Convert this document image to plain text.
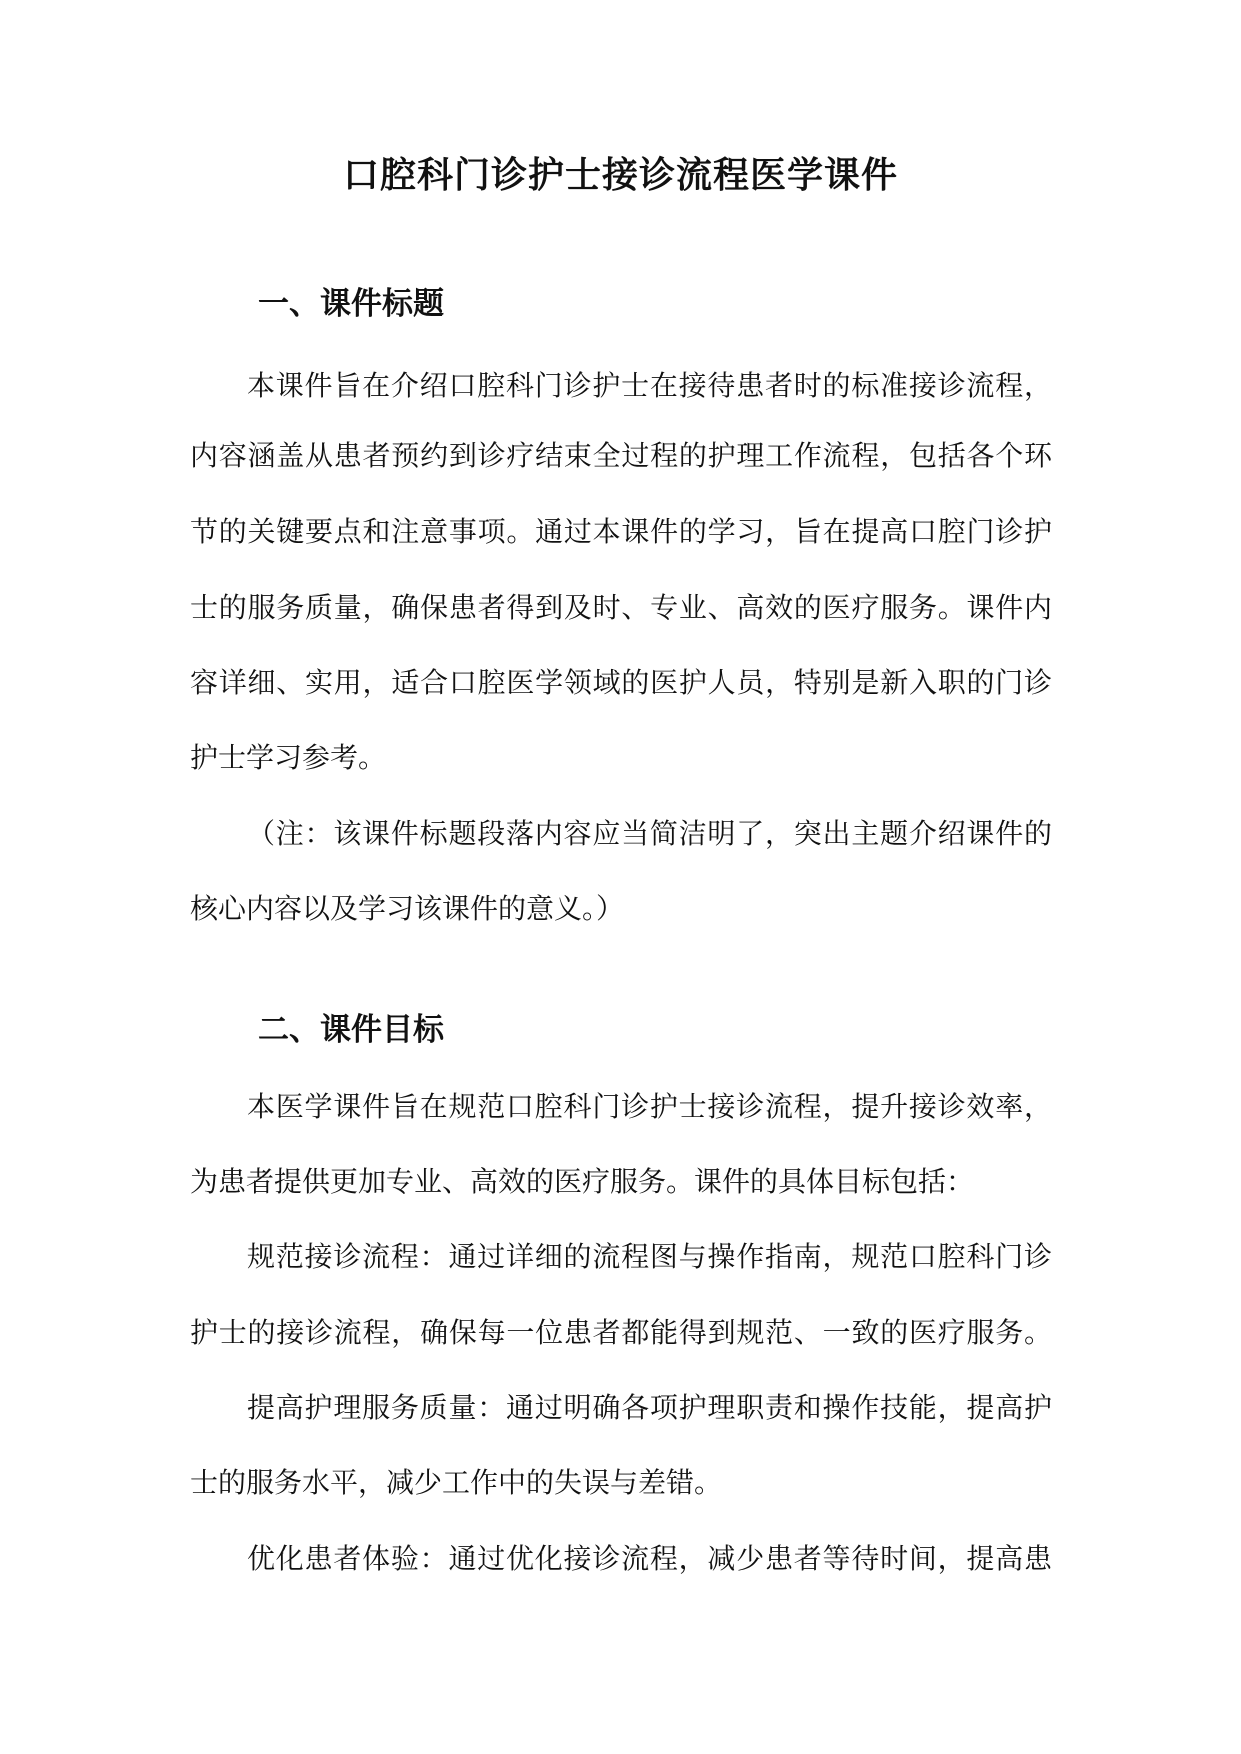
口腔科门诊护士接诊流程医学课件
一、课件标题

本课件旨在介绍口腔科门诊护士在接待患者时的标准接诊流程，

内容涵盖从患者预约到诊疗结束全过程的护理工作流程，包括各个环

节的关键要点和注意事项。通过本课件的学习，旨在提高口腔门诊护

士的服务质量，确保患者得到及时、专业、高效的医疗服务。课件内

容详细、实用，适合口腔医学领域的医护人员，特别是新入职的门诊

护士学习参考。

（注：该课件标题段落内容应当简洁明了，突出主题介绍课件的

核心内容以及学习该课件的意义。）

二、课件目标

本医学课件旨在规范口腔科门诊护士接诊流程，提升接诊效率，

为患者提供更加专业、高效的医疗服务。课件的具体目标包括：

规范接诊流程：通过详细的流程图与操作指南，规范口腔科门诊

护士的接诊流程，确保每一位患者都能得到规范、一致的医疗服务。

提高护理服务质量：通过明确各项护理职责和操作技能，提高护

士的服务水平，减少工作中的失误与差错。

优化患者体验：通过优化接诊流程，减少患者等待时间，提高患
